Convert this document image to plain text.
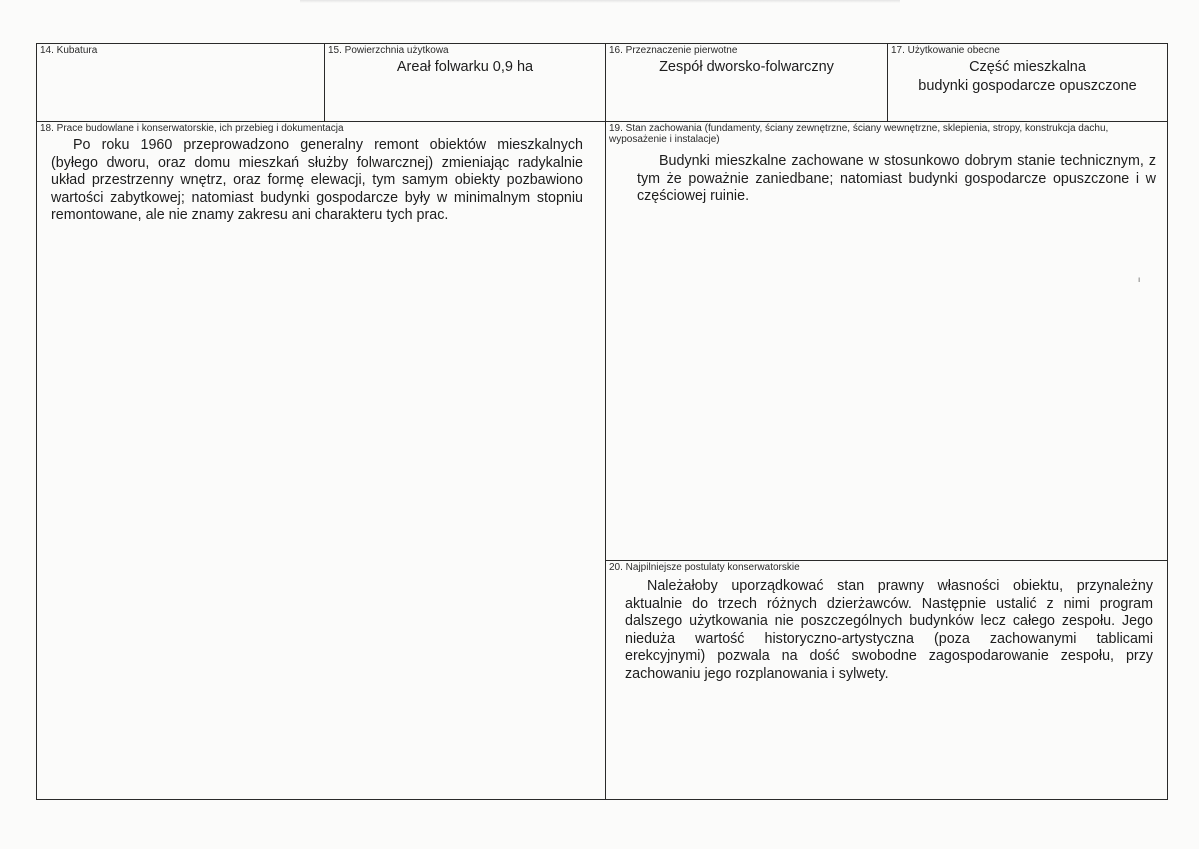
14. Kubatura	15. Powierzchnia użytkowa
Areał folwarku 0,9 ha
16. Przeznaczenie pierwotne
Zespół dworsko-folwarczny
17. Użytkowanie obecne
Część mieszkalna
budynki gospodarcze opuszczone
18. Prace budowlane i konserwatorskie, ich przebieg i dokumentacja

Po roku 1960 przeprowadzono generalny remont obiektów mieszkalnych (byłego dworu, oraz domu mieszkań służby folwarcznej) zmieniając radykalnie układ przestrzenny wnętrz, oraz formę elewacji, tym samym obiekty pozbawiono wartości zabytkowej; natomiast budynki gospodarcze były w minimalnym stopniu remontowane, ale nie znamy zakresu ani charakteru tych prac.

19. Stan zachowania (fundamenty, ściany zewnętrzne, ściany wewnętrzne, sklepienia, stropy, konstrukcja dachu, wyposażenie i instalacje)

Budynki mieszkalne zachowane w stosunkowo dobrym stanie technicznym, z tym że poważnie zaniedbane; natomiast budynki gospodarcze opuszczone i w częściowej ruinie.

20. Najpilniejsze postulaty konserwatorskie

Należałoby uporządkować stan prawny własności obiektu, przynależny aktualnie do trzech różnych dzierżawców. Następnie ustalić z nimi program dalszego użytkowania nie poszczególnych budynków lecz całego zespołu. Jego nieduża wartość historyczno-artystyczna (poza zachowanymi tablicami erekcyjnymi) pozwala na dość swobodne zagospodarowanie zespołu, przy zachowaniu jego rozplanowania i sylwety.

ı
